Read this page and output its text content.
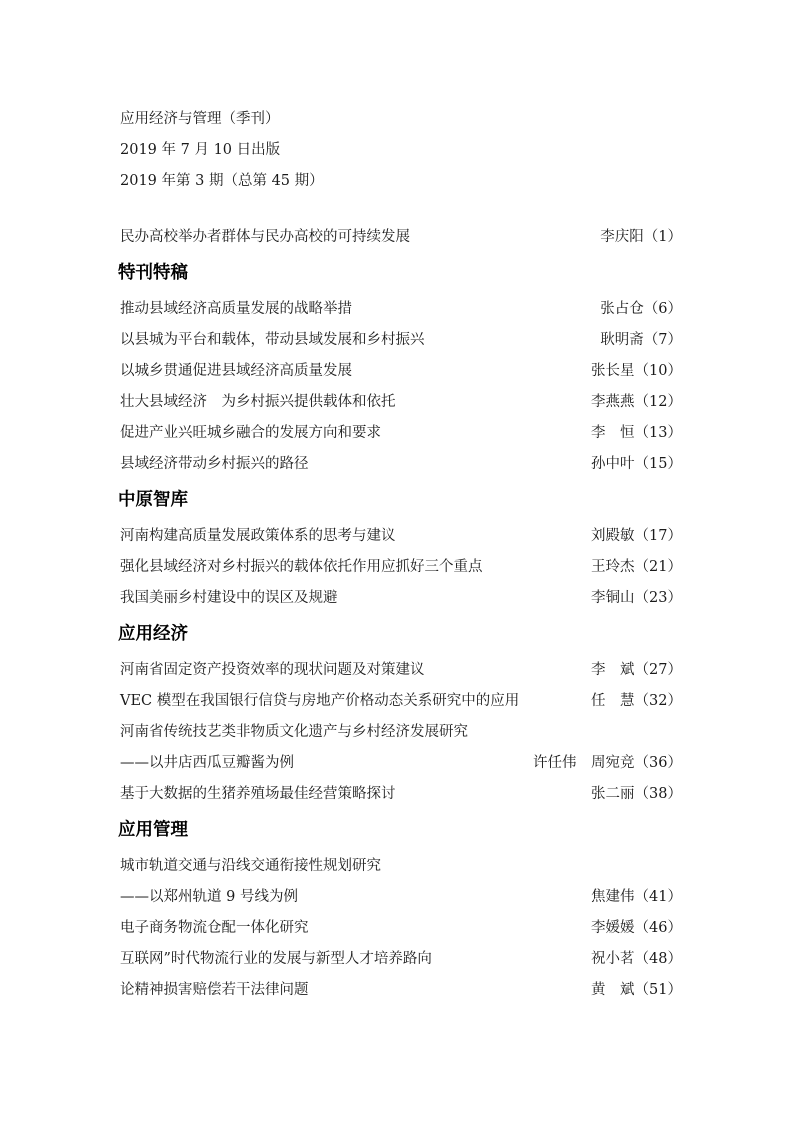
应用经济与管理（季刊）
2019 年 7 月 10 日出版
2019 年第 3 期（总第 45 期）
民办高校举办者群体与民办高校的可持续发展	李庆阳（1）
特刊特稿
推动县域经济高质量发展的战略举措	张占仓（6）
以县城为平台和载体，带动县域发展和乡村振兴	耿明斋（7）
以城乡贯通促进县域经济高质量发展	张长星（10）
壮大县域经济　为乡村振兴提供载体和依托	李燕燕（12）
促进产业兴旺城乡融合的发展方向和要求	李　恒（13）
县域经济带动乡村振兴的路径	孙中叶（15）
中原智库
河南构建高质量发展政策体系的思考与建议	刘殿敏（17）
强化县域经济对乡村振兴的载体依托作用应抓好三个重点	王玲杰（21）
我国美丽乡村建设中的误区及规避	李铜山（23）
应用经济
河南省固定资产投资效率的现状问题及对策建议	李　斌（27）
VEC 模型在我国银行信贷与房地产价格动态关系研究中的应用	任　慧（32）
河南省传统技艺类非物质文化遗产与乡村经济发展研究
——以井店西瓜豆瓣酱为例	许任伟　周宛竞（36）
基于大数据的生猪养殖场最佳经营策略探讨	张二丽（38）
应用管理
城市轨道交通与沿线交通衔接性规划研究
——以郑州轨道 9 号线为例	焦建伟（41）
电子商务物流仓配一体化研究	李媛媛（46）
互联网”时代物流行业的发展与新型人才培养路向	祝小茗（48）
论精神损害赔偿若干法律问题	黄　斌（51）
